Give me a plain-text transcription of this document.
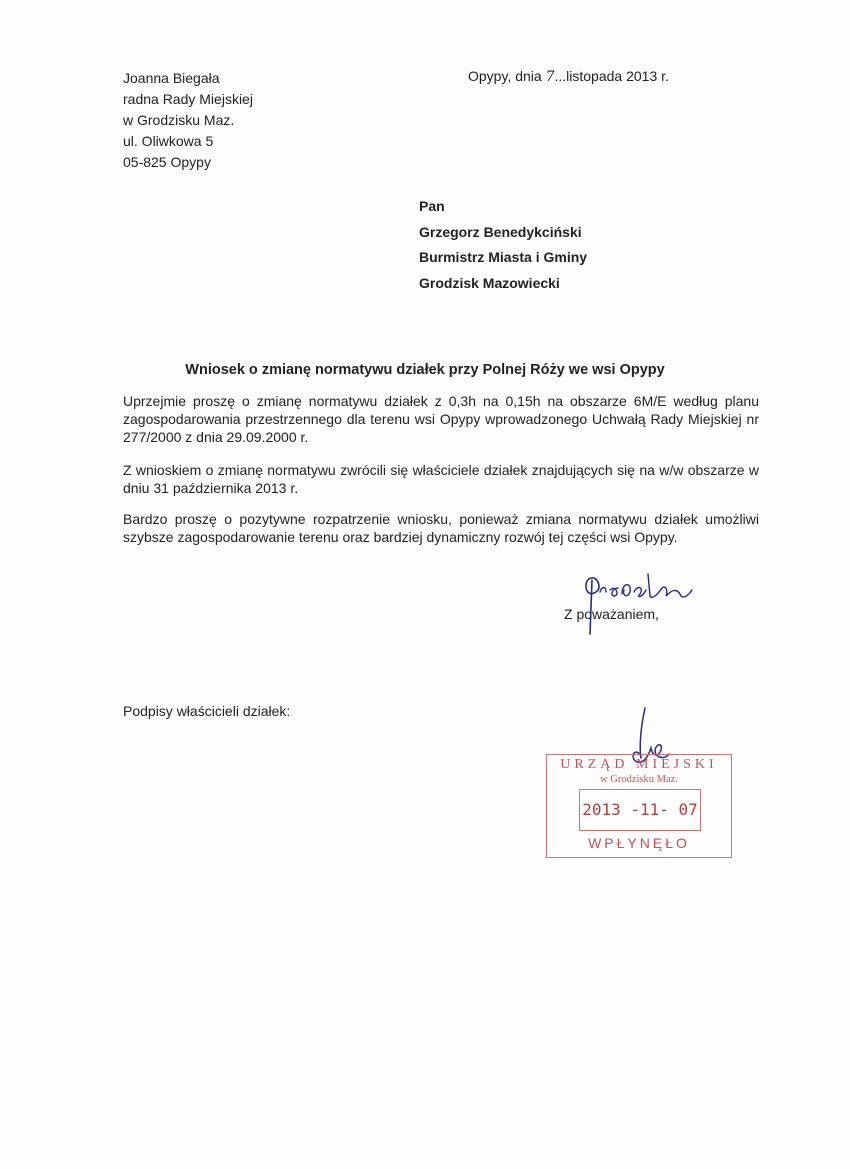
Joanna Biegała
radna Rady Miejskiej
w Grodzisku Maz.
ul. Oliwkowa 5
05-825 Opypy
Opypy, dnia 7...listopada 2013 r.
Pan
Grzegorz Benedykciński
Burmistrz Miasta i Gminy
Grodzisk Mazowiecki
Wniosek o zmianę normatywu działek przy Polnej Róży we wsi Opypy
Uprzejmie proszę o zmianę normatywu działek z 0,3h na 0,15h na obszarze 6M/E według planu zagospodarowania przestrzennego dla terenu wsi Opypy wprowadzonego Uchwałą Rady Miejskiej nr 277/2000 z dnia 29.09.2000 r.
Z wnioskiem o zmianę normatywu zwrócili się właściciele działek znajdujących się na w/w obszarze w dniu 31 października 2013 r.
Bardzo proszę o pozytywne rozpatrzenie wniosku, ponieważ zmiana normatywu działek umożliwi szybsze zagospodarowanie terenu oraz bardziej dynamiczny rozwój tej części wsi Opypy.
Z poważaniem,
Podpisy właścicieli działek:
URZĄD MIEJSKI
w Grodzisku Maz.
2013 -11- 07
WPŁYNĘŁO
